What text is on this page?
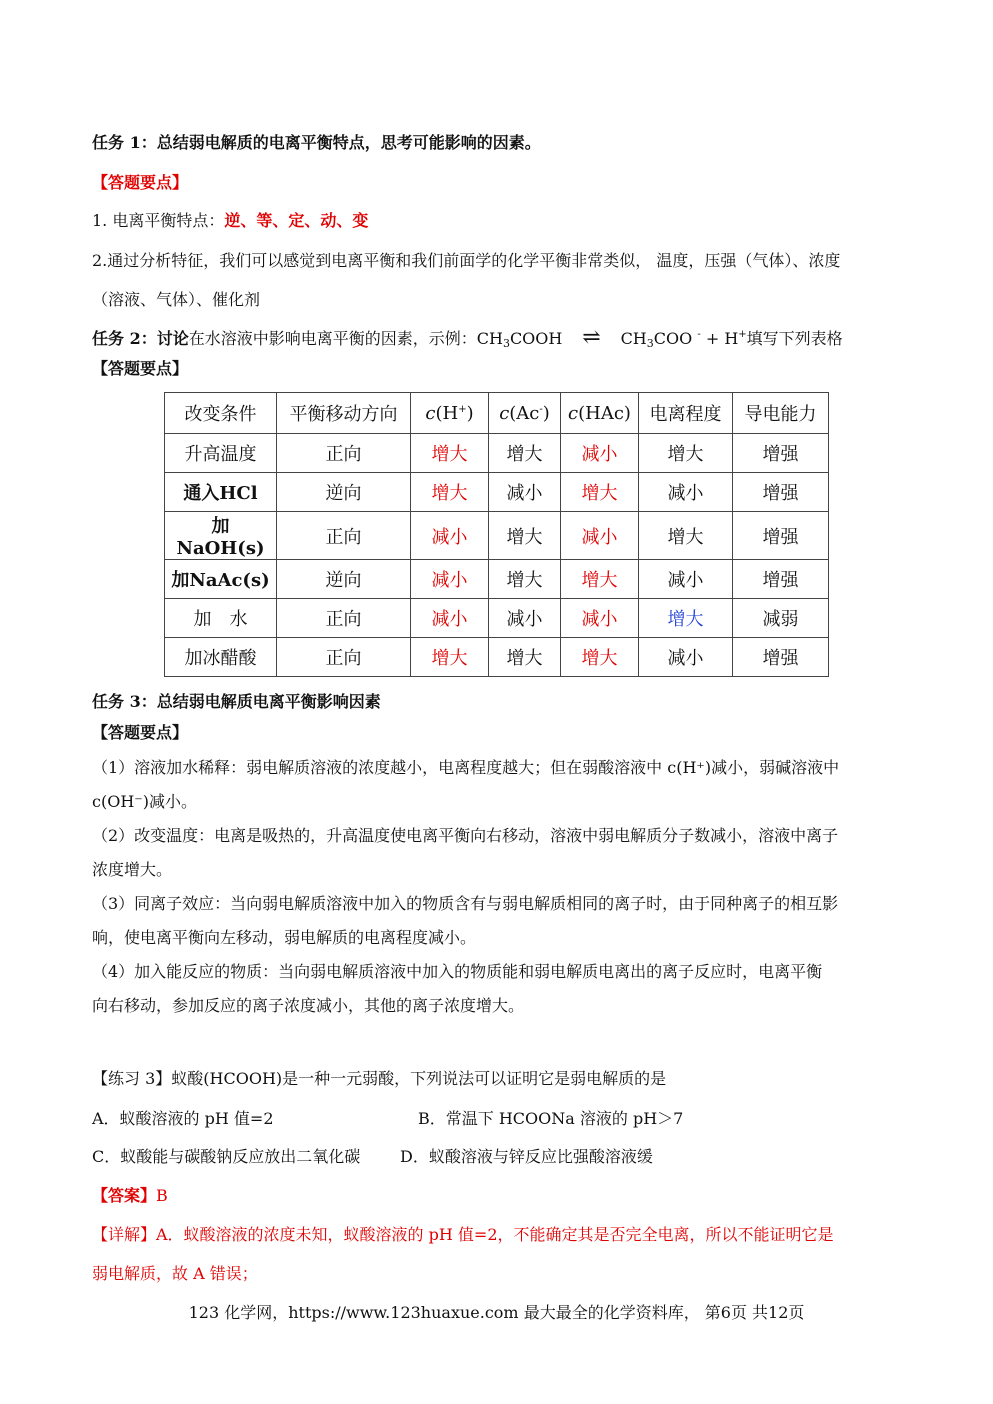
任务 1：总结弱电解质的电离平衡特点，思考可能影响的因素。
【答题要点】
1. 电离平衡特点：逆、等、定、动、变
2.通过分析特征，我们可以感觉到电离平衡和我们前面学的化学平衡非常类似， 温度，压强（气体）、浓度
（溶液、气体）、催化剂
任务 2：讨论在水溶液中影响电离平衡的因素，示例：$CH_3COOH$ ⇌ $CH_3COO$ - + H+填写下列表格
【答题要点】
改变条件	平衡移动方向	c(H+)	c(Ac-)	c(HAc)	电离程度	导电能力
升高温度	正向	增大	增大	减小	增大	增强
通入HCl	逆向	增大	减小	增大	减小	增强
加 NaOH(s)	正向	减小	增大	减小	增大	增强
加NaAc(s)	逆向	减小	增大	增大	减小	增强
加　水	正向	减小	减小	减小	增大	减弱
加冰醋酸	正向	增大	增大	增大	减小	增强
任务 3：总结弱电解质电离平衡影响因素
【答题要点】
（1）溶液加水稀释：弱电解质溶液的浓度越小，电离程度越大；但在弱酸溶液中 c(H⁺)减小，弱碱溶液中
c(OH⁻)减小。
（2）改变温度：电离是吸热的，升高温度使电离平衡向右移动，溶液中弱电解质分子数减小，溶液中离子
浓度增大。
（3）同离子效应：当向弱电解质溶液中加入的物质含有与弱电解质相同的离子时，由于同种离子的相互影
响，使电离平衡向左移动，弱电解质的电离程度减小。
（4）加入能反应的物质：当向弱电解质溶液中加入的物质能和弱电解质电离出的离子反应时，电离平衡
向右移动，参加反应的离子浓度减小，其他的离子浓度增大。
【练习 3】蚁酸(HCOOH)是一种一元弱酸，下列说法可以证明它是弱电解质的是
A．蚁酸溶液的 pH 值=2	B．常温下 HCOONa 溶液的 pH＞7
C．蚁酸能与碳酸钠反应放出二氧化碳 D．蚁酸溶液与锌反应比强酸溶液缓
【答案】B
【详解】A．蚁酸溶液的浓度未知，蚁酸溶液的 pH 值=2，不能确定其是否完全电离，所以不能证明它是
弱电解质，故 A 错误；
123 化学网，https://www.123huaxue.com 最大最全的化学资料库， 第6页 共12页
